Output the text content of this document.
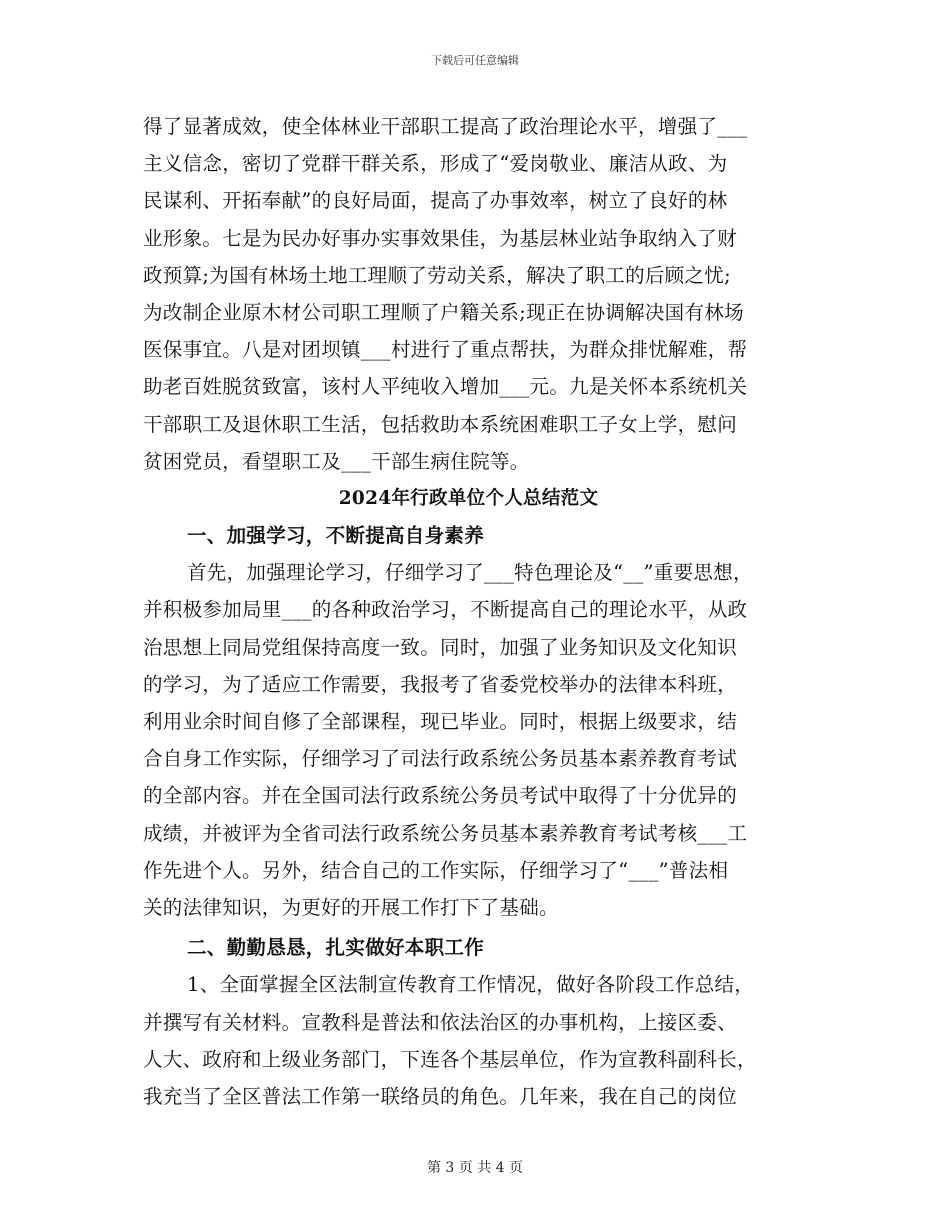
下载后可任意编辑
得了显著成效，使全体林业干部职工提高了政治理论水平，增强了___
主义信念，密切了党群干群关系，形成了“爱岗敬业、廉洁从政、为
民谋利、开拓奉献”的良好局面，提高了办事效率，树立了良好的林
业形象。七是为民办好事办实事效果佳，为基层林业站争取纳入了财
政预算;为国有林场土地工理顺了劳动关系，解决了职工的后顾之忧;
为改制企业原木材公司职工理顺了户籍关系;现正在协调解决国有林场
医保事宜。八是对团坝镇___村进行了重点帮扶，为群众排忧解难，帮
助老百姓脱贫致富，该村人平纯收入增加___元。九是关怀本系统机关
干部职工及退休职工生活，包括救助本系统困难职工子女上学，慰问
贫困党员，看望职工及___干部生病住院等。
2024年行政单位个人总结范文
一、加强学习，不断提高自身素养
首先，加强理论学习，仔细学习了___特色理论及“__”重要思想，
并积极参加局里___的各种政治学习，不断提高自己的理论水平，从政
治思想上同局党组保持高度一致。同时，加强了业务知识及文化知识
的学习，为了适应工作需要，我报考了省委党校举办的法律本科班，
利用业余时间自修了全部课程，现已毕业。同时，根据上级要求，结
合自身工作实际，仔细学习了司法行政系统公务员基本素养教育考试
的全部内容。并在全国司法行政系统公务员考试中取得了十分优异的
成绩，并被评为全省司法行政系统公务员基本素养教育考试考核___工
作先进个人。另外，结合自己的工作实际，仔细学习了“___”普法相
关的法律知识，为更好的开展工作打下了基础。
二、勤勤恳恳，扎实做好本职工作
1、全面掌握全区法制宣传教育工作情况，做好各阶段工作总结，
并撰写有关材料。宣教科是普法和依法治区的办事机构，上接区委、
人大、政府和上级业务部门，下连各个基层单位，作为宣教科副科长，
我充当了全区普法工作第一联络员的角色。几年来，我在自己的岗位
第 3 页 共 4 页
